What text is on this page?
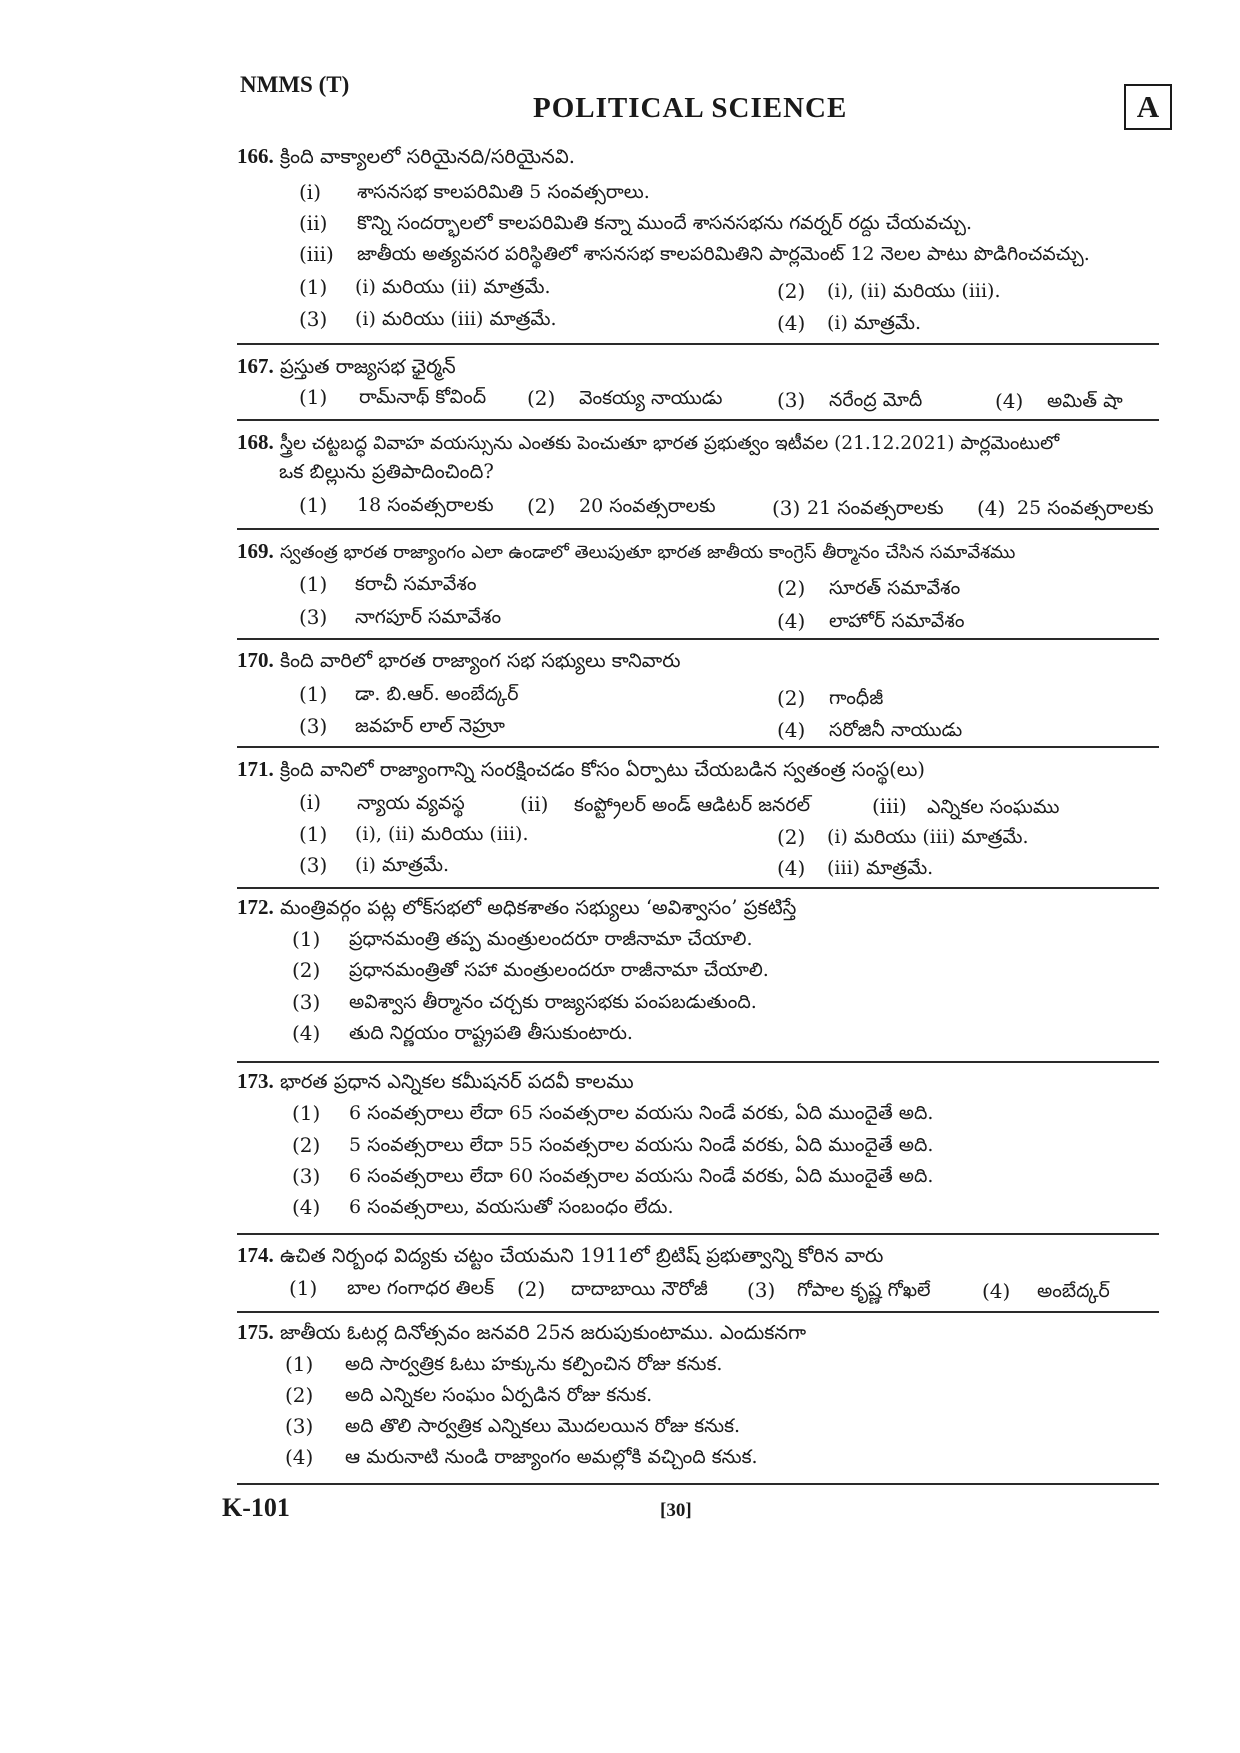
NMMS (T)
POLITICAL SCIENCE	A
166. క్రింది వాక్యాలలో సరియైనది/సరియైనవి.
(i) శాసనసభ కాలపరిమితి 5 సంవత్సరాలు.
(ii) కొన్ని సందర్భాలలో కాలపరిమితి కన్నా ముందే శాసనసభను గవర్నర్ రద్దు చేయవచ్చు.
(iii) జాతీయ అత్యవసర పరిస్థితిలో శాసనసభ కాలపరిమితిని పార్లమెంట్ 12 నెలల పాటు పొడిగించవచ్చు.
(1) (i) మరియు (ii) మాత్రమే.	(2) (i), (ii) మరియు (iii).
(3) (i) మరియు (iii) మాత్రమే.	(4) (i) మాత్రమే.
167. ప్రస్తుత రాజ్యసభ ఛైర్మన్
(1) రామ్‌నాథ్ కోవింద్ (2) వెంకయ్య నాయుడు	(3) నరేంద్ర మోదీ	(4) అమిత్ షా
168. స్త్రీల చట్టబద్ధ వివాహ వయస్సును ఎంతకు పెంచుతూ భారత ప్రభుత్వం ఇటీవల (21.12.2021) పార్లమెంటులో
ఒక బిల్లును ప్రతిపాదించింది?
(1) 18 సంవత్సరాలకు (2) 20 సంవత్సరాలకు	(3) 21 సంవత్సరాలకు (4) 25 సంవత్సరాలకు
169. స్వతంత్ర భారత రాజ్యాంగం ఎలా ఉండాలో తెలుపుతూ భారత జాతీయ కాంగ్రెస్ తీర్మానం చేసిన సమావేశము
(1) కరాచీ సమావేశం	(2) సూరత్ సమావేశం
(3) నాగపూర్ సమావేశం	(4) లాహోర్ సమావేశం
170. కింది వారిలో భారత రాజ్యాంగ సభ సభ్యులు కానివారు
(1) డా. బి.ఆర్. అంబేద్కర్	(2) గాంధీజీ
(3) జవహర్ లాల్ నెహ్రూ	(4) సరోజినీ నాయుడు
171. క్రింది వానిలో రాజ్యాంగాన్ని సంరక్షించడం కోసం ఏర్పాటు చేయబడిన స్వతంత్ర సంస్థ(లు)
(i) న్యాయ వ్యవస్థ	(ii) కంప్ట్రోలర్ అండ్ ఆడిటర్ జనరల్	(iii) ఎన్నికల సంఘము
(1) (i), (ii) మరియు (iii).	(2) (i) మరియు (iii) మాత్రమే.
(3) (i) మాత్రమే.	(4) (iii) మాత్రమే.
172. మంత్రివర్గం పట్ల లోక్‌సభలో అధికశాతం సభ్యులు ‘అవిశ్వాసం’ ప్రకటిస్తే
(1) ప్రధానమంత్రి తప్ప మంత్రులందరూ రాజీనామా చేయాలి.
(2) ప్రధానమంత్రితో సహా మంత్రులందరూ రాజీనామా చేయాలి.
(3) అవిశ్వాస తీర్మానం చర్చకు రాజ్యసభకు పంపబడుతుంది.
(4) తుది నిర్ణయం రాష్ట్రపతి తీసుకుంటారు.
173. భారత ప్రధాన ఎన్నికల కమీషనర్ పదవీ కాలము
(1) 6 సంవత్సరాలు లేదా 65 సంవత్సరాల వయసు నిండే వరకు, ఏది ముందైతే అది.
(2) 5 సంవత్సరాలు లేదా 55 సంవత్సరాల వయసు నిండే వరకు, ఏది ముందైతే అది.
(3) 6 సంవత్సరాలు లేదా 60 సంవత్సరాల వయసు నిండే వరకు, ఏది ముందైతే అది.
(4) 6 సంవత్సరాలు, వయసుతో సంబంధం లేదు.
174. ఉచిత నిర్బంధ విద్యకు చట్టం చేయమని 1911లో బ్రిటిష్ ప్రభుత్వాన్ని కోరిన వారు
(1) బాల గంగాధర తిలక్ (2) దాదాబాయి నౌరోజీ (3) గోపాల కృష్ణ గోఖలే	(4) అంబేద్కర్
175. జాతీయ ఓటర్ల దినోత్సవం జనవరి 25న జరుపుకుంటాము. ఎందుకనగా
(1) అది సార్వత్రిక ఓటు హక్కును కల్పించిన రోజు కనుక.
(2) అది ఎన్నికల సంఘం ఏర్పడిన రోజు కనుక.
(3) అది తొలి సార్వత్రిక ఎన్నికలు మొదలయిన రోజు కనుక.
(4) ఆ మరునాటి నుండి రాజ్యాంగం అమల్లోకి వచ్చింది కనుక.
K-101	[30]
